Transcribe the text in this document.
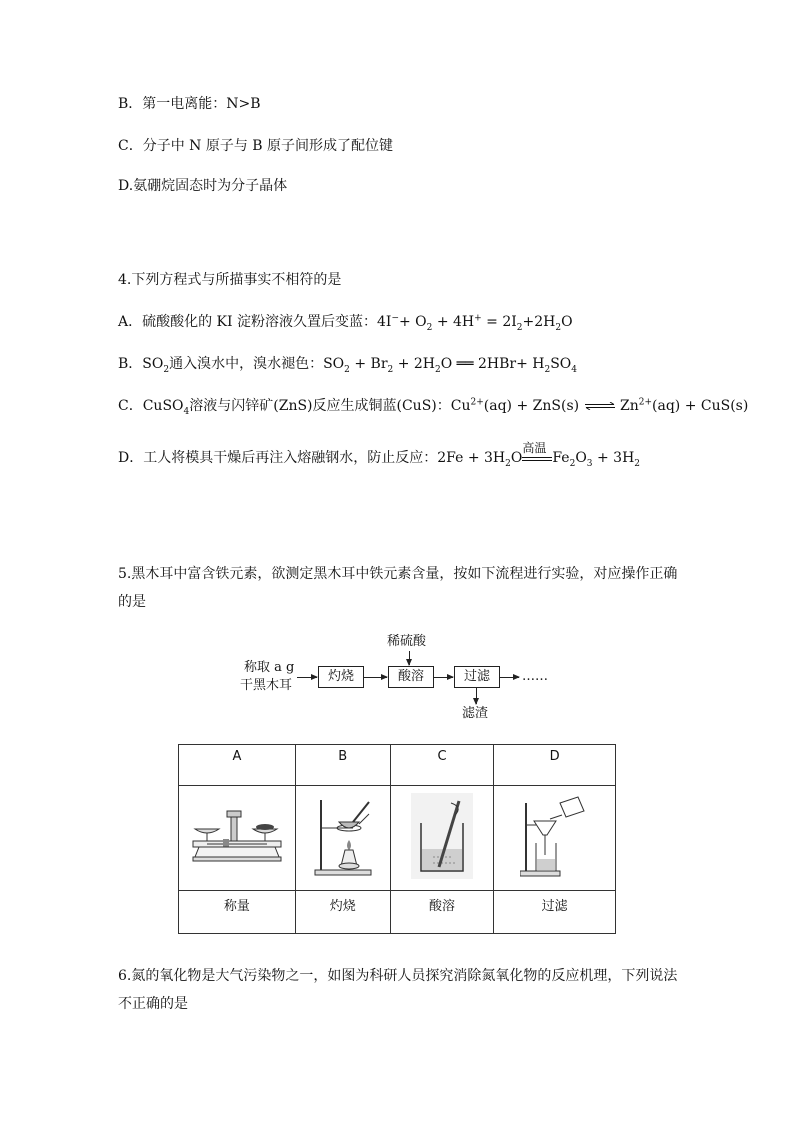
B．第一电离能：N>B
C．分子中 N 原子与 B 原子间形成了配位键
D.氨硼烷固态时为分子晶体
4.下列方程式与所描事实不相符的是
A．硫酸酸化的 KI 淀粉溶液久置后变蓝：$4I^-+ O_2 + 4H^+ = 2I_2+2H_2O$
B．$SO_2$通入溴水中，溴水褪色：$SO_2 + Br_2 + 2H_2O$ ══ $2HBr+ H_2SO_4$
C．CuSO$_4$溶液与闪锌矿(ZnS)反应生成铜蓝(CuS)：$Cu^{2+}(aq) + ZnS(s)$ ⇌ $Zn^{2+}(aq) + CuS(s)$
D．工人将模具干燥后再注入熔融钢水，防止反应：$2Fe + 3H_2O$
高温
$Fe_2O_3 + 3H_2$
5.黑木耳中富含铁元素，欲测定黑木耳中铁元素含量，按如下流程进行实验，对应操作正确
的是
称取 a g
干黑木耳
灼烧	酸溶
稀硫酸
过滤	……
滤渣
A	B	C	D

称量	灼烧	酸溶	过滤
6.氮的氧化物是大气污染物之一，如图为科研人员探究消除氮氧化物的反应机理，下列说法
不正确的是
